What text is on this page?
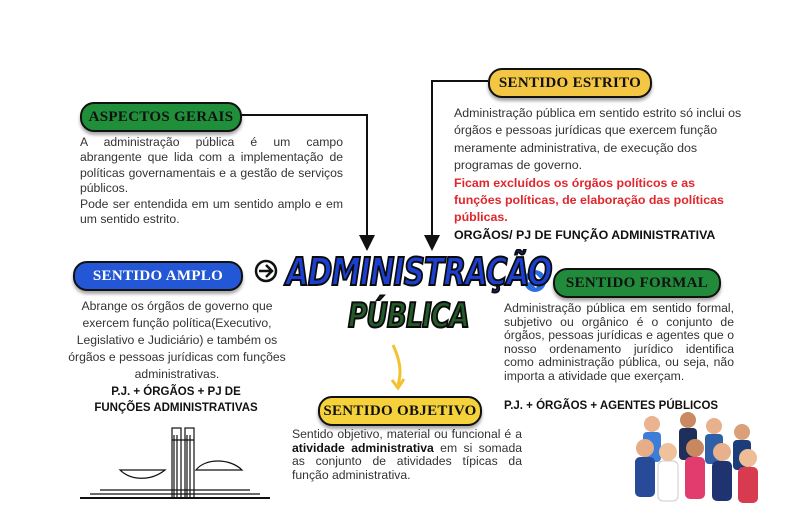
ADMINISTRAÇÃO
PÚBLICA
ASPECTOS GERAIS
A administração pública é um campo abrangente que lida com a implementação de políticas governamentais e a gestão de serviços públicos.
Pode ser entendida em um sentido amplo e em um sentido estrito.
SENTIDO ESTRITO
Administração pública em sentido estrito só inclui os órgãos e pessoas jurídicas que exercem função meramente administrativa, de execução dos programas de governo.
Ficam excluídos os órgãos políticos e as funções políticas, de elaboração das políticas públicas.
ORGÃOS/ PJ DE FUNÇÃO ADMINISTRATIVA
SENTIDO AMPLO
Abrange os órgãos de governo que exercem função política(Executivo, Legislativo e Judiciário) e também os órgãos e pessoas jurídicas com funções administrativas.
P.J. + ÓRGÃOS + PJ DE FUNÇÕES ADMINISTRATIVAS
SENTIDO FORMAL
Administração pública em sentido formal, subjetivo ou orgânico é o conjunto de órgãos, pessoas jurídicas e agentes que o nosso ordenamento jurídico identifica como administração pública, ou seja, não importa a atividade que exerçam.
P.J. + ÓRGÃOS + AGENTES PÚBLICOS
SENTIDO OBJETIVO
Sentido objetivo, material ou funcional é a atividade administrativa em si somada as conjunto de atividades típicas da função administrativa.
